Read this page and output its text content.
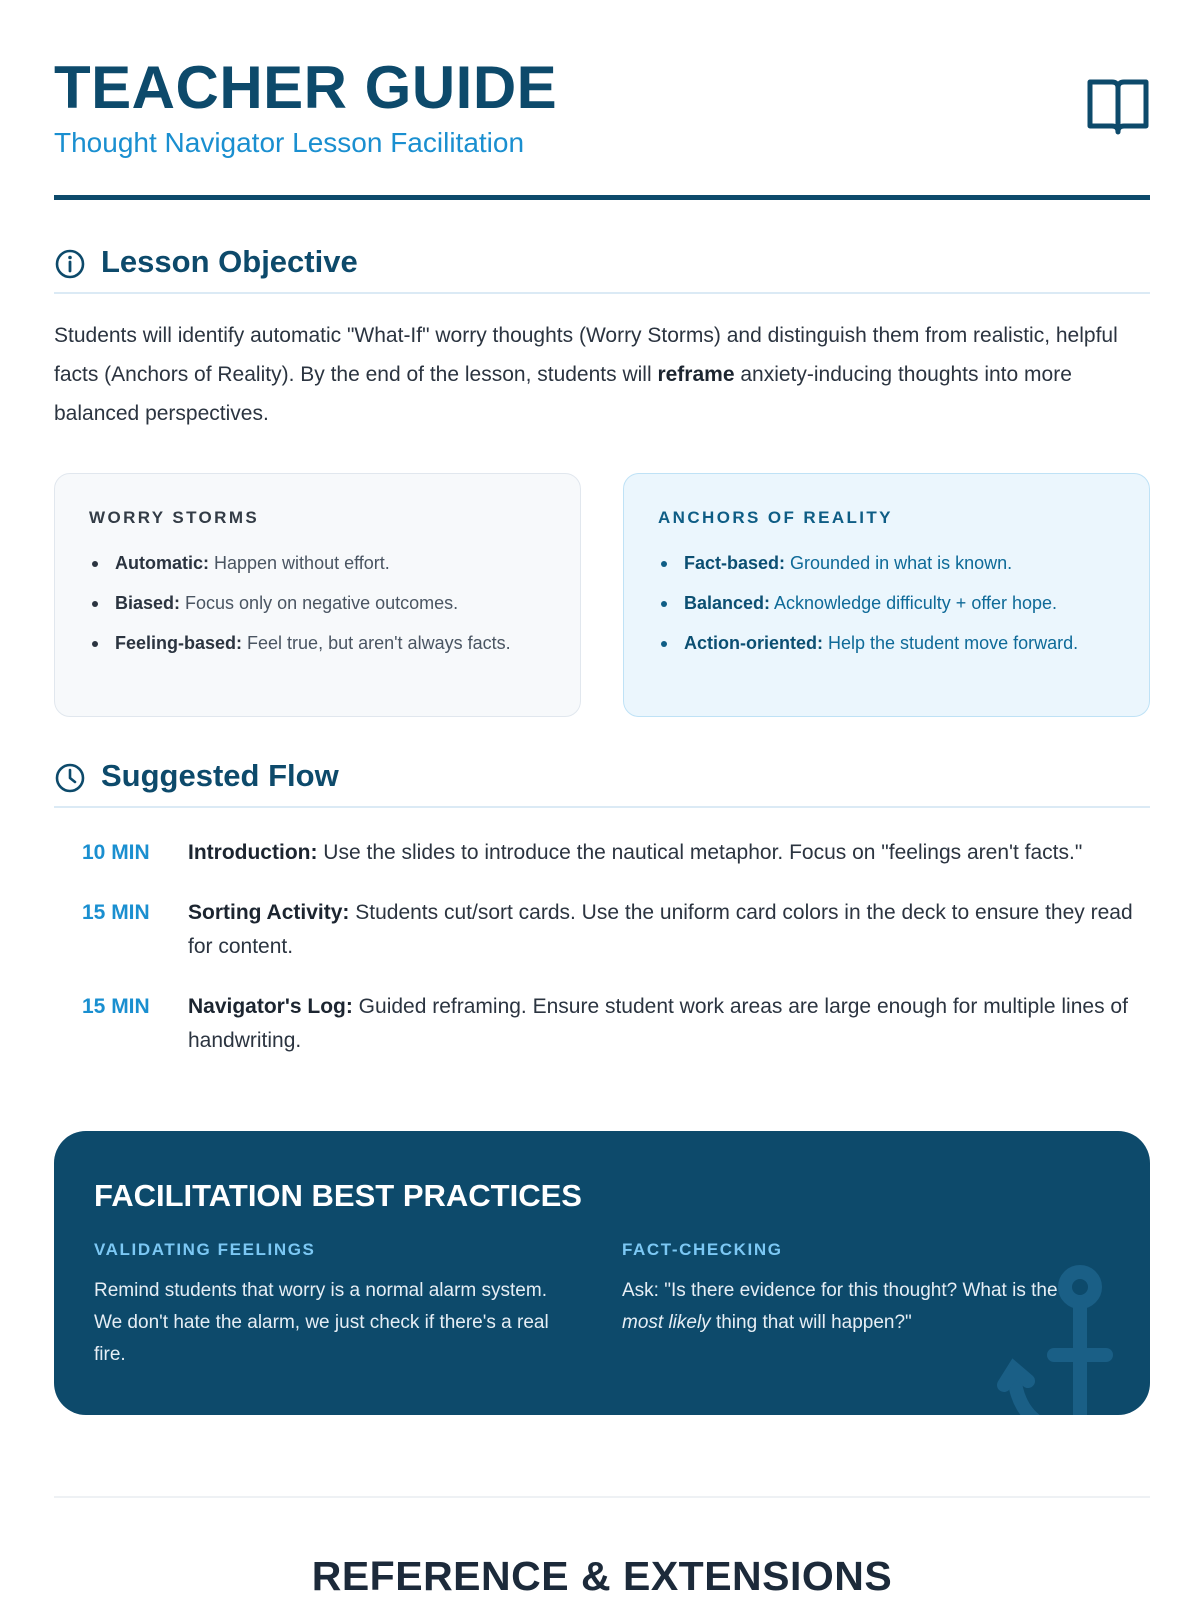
TEACHER GUIDE
Thought Navigator Lesson Facilitation
Lesson Objective

Students will identify automatic "What-If" worry thoughts (Worry Storms) and distinguish them from realistic, helpful facts (Anchors of Reality). By the end of the lesson, students will reframe anxiety-inducing thoughts into more balanced perspectives.

WORRY STORMS
Automatic: Happen without effort.
Biased: Focus only on negative outcomes.
Feeling-based: Feel true, but aren't always facts.
ANCHORS OF REALITY
Fact-based: Grounded in what is known.
Balanced: Acknowledge difficulty + offer hope.
Action-oriented: Help the student move forward.
Suggested Flow
10 MIN Introduction: Use the slides to introduce the nautical metaphor. Focus on "feelings aren't facts."
15 MIN Sorting Activity: Students cut/sort cards. Use the uniform card colors in the deck to ensure they read for content.
15 MIN Navigator's Log: Guided reframing. Ensure student work areas are large enough for multiple lines of handwriting.
FACILITATION BEST PRACTICES
VALIDATING FEELINGS
Remind students that worry is a normal alarm system. We don't hate the alarm, we just check if there's a real fire.
FACT-CHECKING
Ask: "Is there evidence for this thought? What is the most likely thing that will happen?"
REFERENCE & EXTENSIONS
